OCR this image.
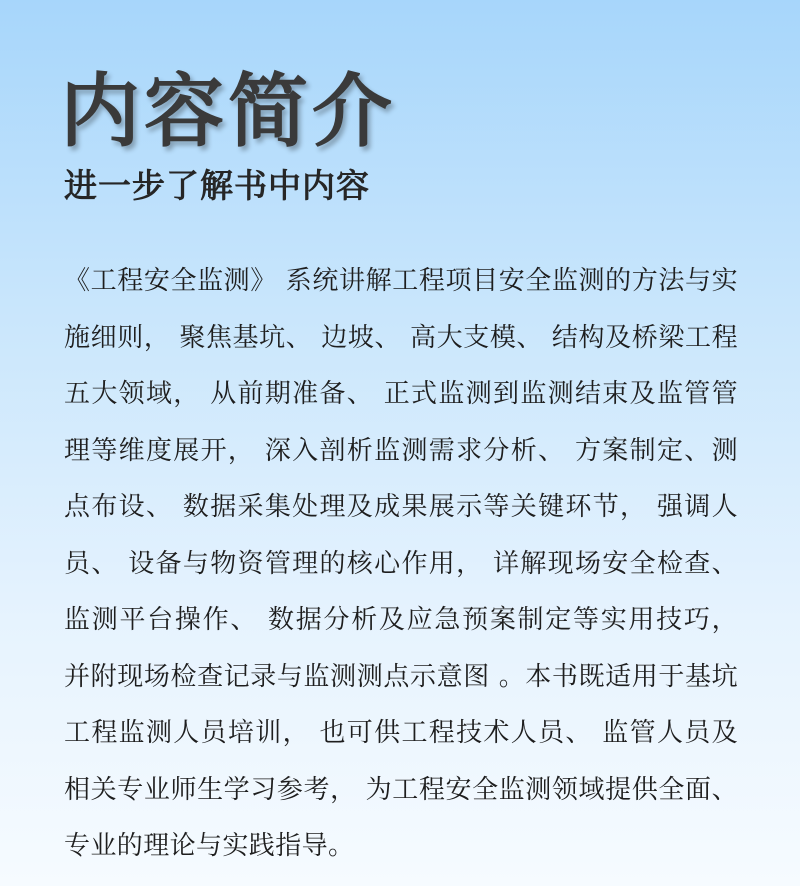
内容简介
进一步了解书中内容

《工程安全监测》 系统讲解工程项目安全监测的方法与实施细则， 聚焦基坑、 边坡、 高大支模、 结构及桥梁工程五大领域， 从前期准备、 正式监测到监测结束及监管管理等维度展开， 深入剖析监测需求分析、 方案制定、测点布设、 数据采集处理及成果展示等关键环节， 强调人员、 设备与物资管理的核心作用， 详解现场安全检查、 监测平台操作、 数据分析及应急预案制定等实用技巧， 并附现场检查记录与监测测点示意图 。本书既适用于基坑工程监测人员培训， 也可供工程技术人员、 监管人员及相关专业师生学习参考， 为工程安全监测领域提供全面、专业的理论与实践指导。
